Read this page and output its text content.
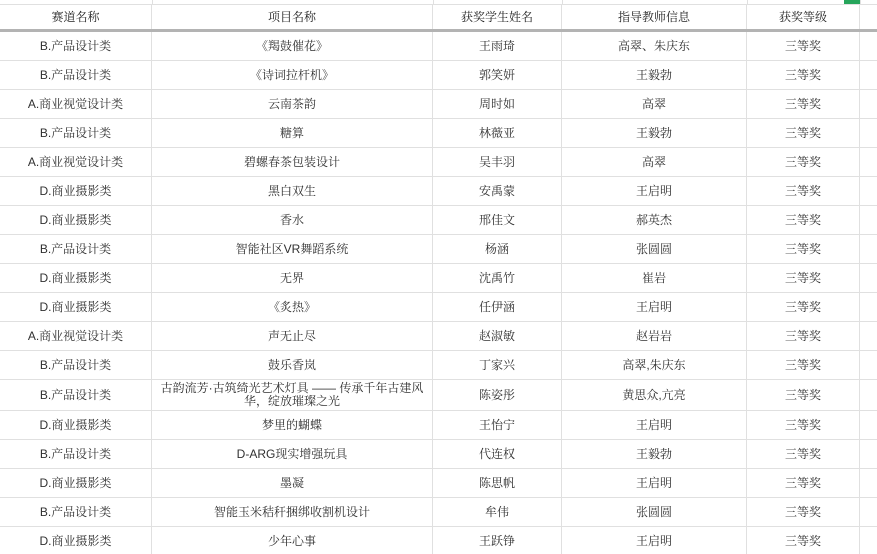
赛道名称	项目名称	获奖学生姓名	指导教师信息	获奖等级
B.产品设计类	《羯鼓催花》	王雨琦	高翠、朱庆东	三等奖
B.产品设计类	《诗词拉杆机》	郭笑妍	王毅勃	三等奖
A.商业视觉设计类	云南茶韵	周时如	高翠	三等奖
B.产品设计类	糖算	林薇亚	王毅勃	三等奖
A.商业视觉设计类	碧螺春茶包装设计	吴丰羽	高翠	三等奖
D.商业摄影类	黑白双生	安禹蒙	王启明	三等奖
D.商业摄影类	香水	邢佳文	郝英杰	三等奖
B.产品设计类	智能社区VR舞蹈系统	杨涵	张圆圆	三等奖
D.商业摄影类	无界	沈禹竹	崔岩	三等奖
D.商业摄影类	《炙热》	任伊涵	王启明	三等奖
A.商业视觉设计类	声无止尽	赵淑敏	赵岩岩	三等奖
B.产品设计类	鼓乐香岚	丁家兴	高翠,朱庆东	三等奖
B.产品设计类	古韵流芳·古筑绮光艺术灯具 —— 传承千年古建风华，绽放璀璨之光	陈姿彤	黄思众,亢亮	三等奖
D.商业摄影类	梦里的蝴蝶	王怡宁	王启明	三等奖
B.产品设计类	D-ARG现实增强玩具	代连权	王毅勃	三等奖
D.商业摄影类	墨凝	陈思帆	王启明	三等奖
B.产品设计类	智能玉米秸秆捆绑收割机设计	牟伟	张圆圆	三等奖
D.商业摄影类	少年心事	王跃铮	王启明	三等奖
